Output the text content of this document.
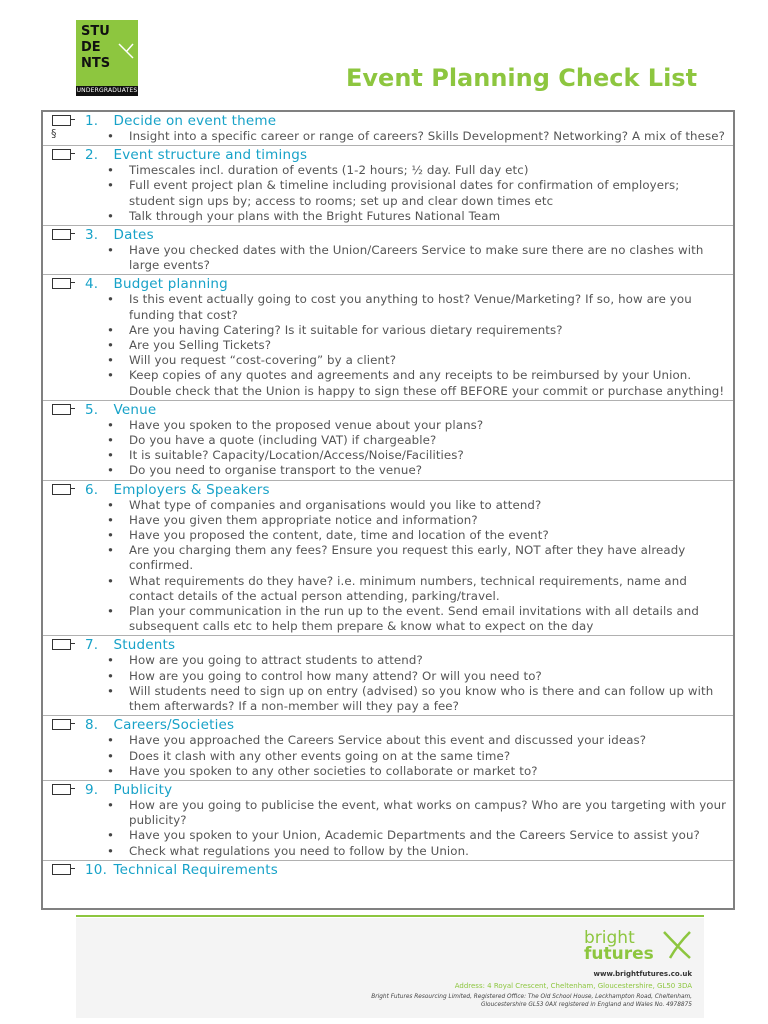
STU
DE
NTS
UNDERGRADUATES	Event Planning Check List
§
1. Decide on event theme
• Insight into a specific career or range of careers? Skills Development? Networking? A mix of these?
2. Event structure and timings
• Timescales incl. duration of events (1-2 hours; ½ day. Full day etc)
• Full event project plan & timeline including provisional dates for confirmation of employers; student sign ups by; access to rooms; set up and clear down times etc
• Talk through your plans with the Bright Futures National Team
3. Dates
• Have you checked dates with the Union/Careers Service to make sure there are no clashes with large events?
4. Budget planning
• Is this event actually going to cost you anything to host? Venue/Marketing? If so, how are you funding that cost?
• Are you having Catering? Is it suitable for various dietary requirements?
• Are you Selling Tickets?
• Will you request “cost-covering” by a client?
• Keep copies of any quotes and agreements and any receipts to be reimbursed by your Union. Double check that the Union is happy to sign these off BEFORE your commit or purchase anything!
5. Venue
• Have you spoken to the proposed venue about your plans?
• Do you have a quote (including VAT) if chargeable?
• It is suitable? Capacity/Location/Access/Noise/Facilities?
• Do you need to organise transport to the venue?
6. Employers & Speakers
• What type of companies and organisations would you like to attend?
• Have you given them appropriate notice and information?
• Have you proposed the content, date, time and location of the event?
• Are you charging them any fees? Ensure you request this early, NOT after they have already confirmed.
• What requirements do they have? i.e. minimum numbers, technical requirements, name and contact details of the actual person attending, parking/travel.
• Plan your communication in the run up to the event. Send email invitations with all details and subsequent calls etc to help them prepare & know what to expect on the day
7. Students
• How are you going to attract students to attend?
• How are you going to control how many attend? Or will you need to?
• Will students need to sign up on entry (advised) so you know who is there and can follow up with them afterwards? If a non-member will they pay a fee?
8. Careers/Societies
• Have you approached the Careers Service about this event and discussed your ideas?
• Does it clash with any other events going on at the same time?
• Have you spoken to any other societies to collaborate or market to?
9. Publicity
• How are you going to publicise the event, what works on campus? Who are you targeting with your publicity?
• Have you spoken to your Union, Academic Departments and the Careers Service to assist you?
• Check what regulations you need to follow by the Union.
10. Technical Requirements
bright
futures
www.brightfutures.co.uk
Address: 4 Royal Crescent, Cheltenham, Gloucestershire, GL50 3DA
Bright Futures Resourcing Limited, Registered Office: The Old School House, Leckhampton Road, Cheltenham, Gloucestershire GL53 0AX registered in England and Wales No. 4978875
